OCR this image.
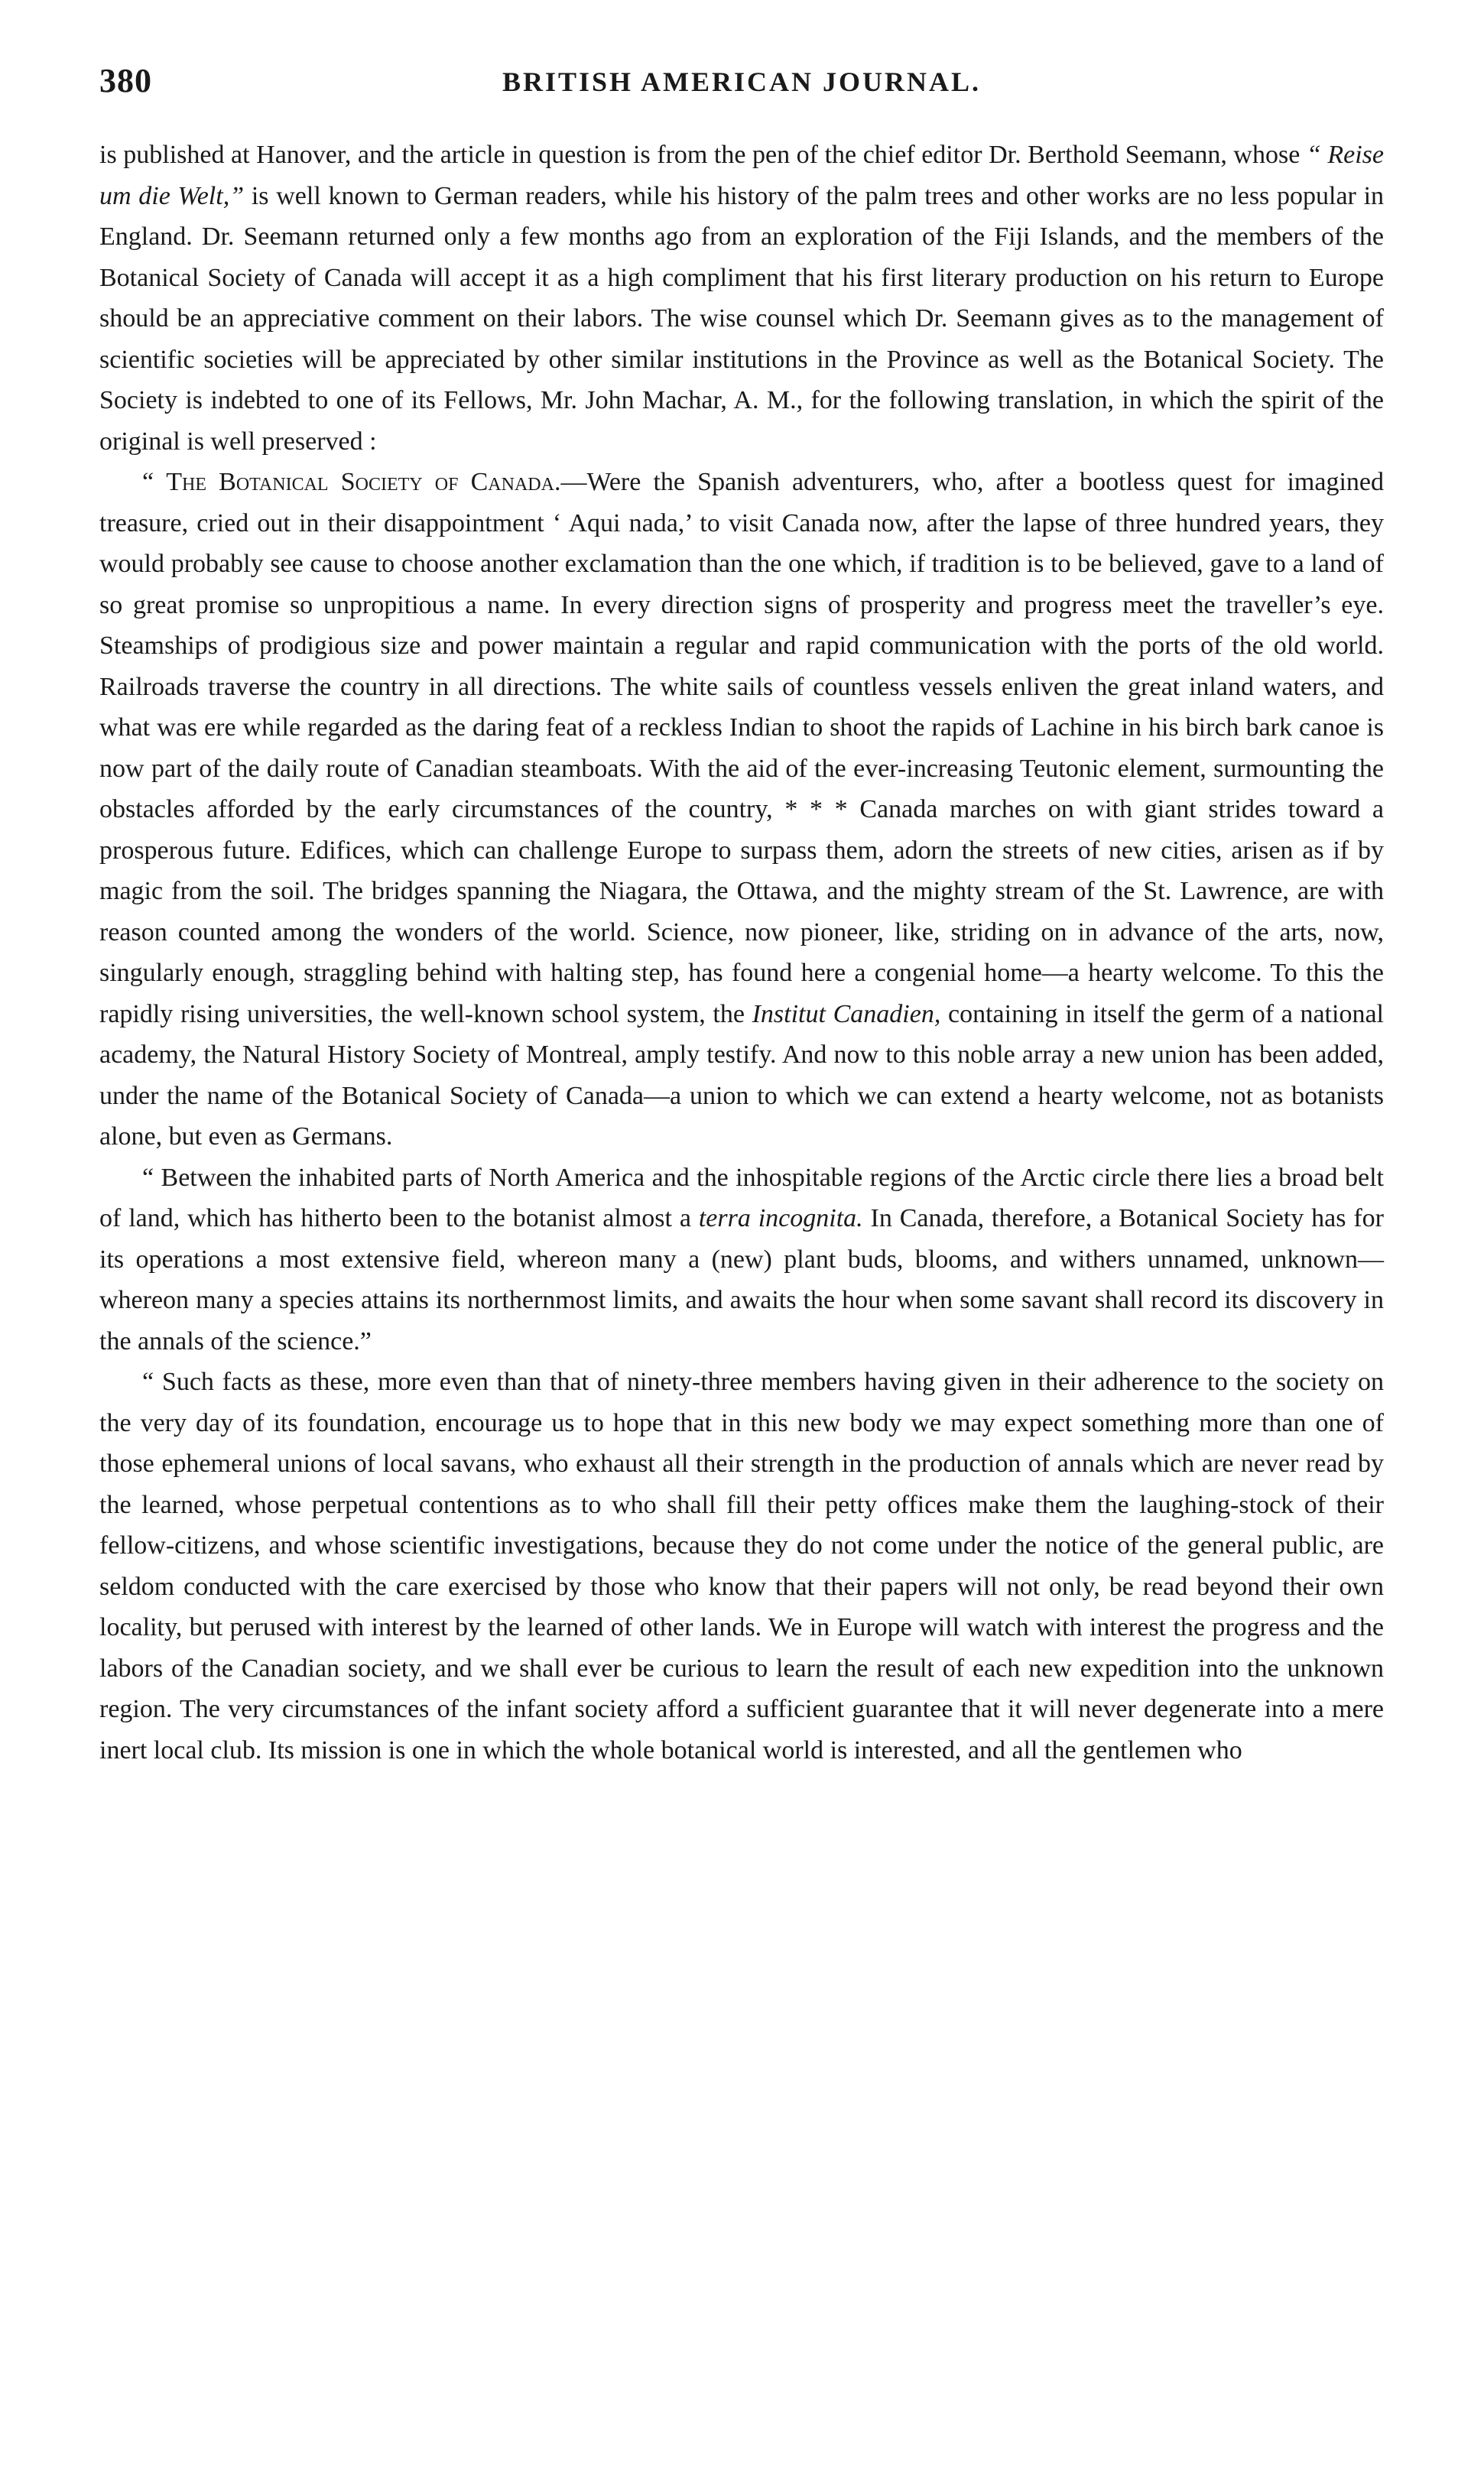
380	BRITISH AMERICAN JOURNAL.

is published at Hanover, and the article in question is from the pen of the chief editor Dr. Berthold Seemann, whose “ Reise um die Welt,” is well known to German readers, while his history of the palm trees and other works are no less popular in England. Dr. Seemann returned only a few months ago from an exploration of the Fiji Islands, and the members of the Botanical Society of Canada will accept it as a high compliment that his first literary production on his return to Europe should be an appreciative comment on their labors. The wise counsel which Dr. Seemann gives as to the management of scientific societies will be appreciated by other similar institutions in the Province as well as the Botanical Society. The Society is indebted to one of its Fellows, Mr. John Machar, A. M., for the following translation, in which the spirit of the original is well preserved :

“ The Botanical Society of Canada.—Were the Spanish adventurers, who, after a bootless quest for imagined treasure, cried out in their disappointment ‘ Aqui nada,’ to visit Canada now, after the lapse of three hundred years, they would probably see cause to choose another exclamation than the one which, if tradition is to be believed, gave to a land of so great promise so unpropitious a name. In every direction signs of prosperity and progress meet the traveller’s eye. Steamships of prodigious size and power maintain a regular and rapid communication with the ports of the old world. Railroads traverse the country in all directions. The white sails of countless vessels enliven the great inland waters, and what was ere while regarded as the daring feat of a reckless Indian to shoot the rapids of Lachine in his birch bark canoe is now part of the daily route of Canadian steamboats. With the aid of the ever-increasing Teutonic element, surmounting the obstacles afforded by the early circumstances of the country, * * * Canada marches on with giant strides toward a prosperous future. Edifices, which can challenge Europe to surpass them, adorn the streets of new cities, arisen as if by magic from the soil. The bridges spanning the Niagara, the Ottawa, and the mighty stream of the St. Lawrence, are with reason counted among the wonders of the world. Science, now pioneer, like, striding on in advance of the arts, now, singularly enough, straggling behind with halting step, has found here a congenial home—a hearty welcome. To this the rapidly rising universities, the well-known school system, the Institut Canadien, containing in itself the germ of a national academy, the Natural History Society of Montreal, amply testify. And now to this noble array a new union has been added, under the name of the Botanical Society of Canada—a union to which we can extend a hearty welcome, not as botanists alone, but even as Germans.

“ Between the inhabited parts of North America and the inhospitable regions of the Arctic circle there lies a broad belt of land, which has hitherto been to the botanist almost a terra incognita. In Canada, therefore, a Botanical Society has for its operations a most extensive field, whereon many a (new) plant buds, blooms, and withers unnamed, unknown—whereon many a species attains its northernmost limits, and awaits the hour when some savant shall record its discovery in the annals of the science.”

“ Such facts as these, more even than that of ninety-three members having given in their adherence to the society on the very day of its foundation, encourage us to hope that in this new body we may expect something more than one of those ephemeral unions of local savans, who exhaust all their strength in the production of annals which are never read by the learned, whose perpetual contentions as to who shall fill their petty offices make them the laughing-stock of their fellow-citizens, and whose scientific investigations, because they do not come under the notice of the general public, are seldom conducted with the care exercised by those who know that their papers will not only, be read beyond their own locality, but perused with interest by the learned of other lands. We in Europe will watch with interest the progress and the labors of the Canadian society, and we shall ever be curious to learn the result of each new expedition into the unknown region. The very circumstances of the infant society afford a sufficient guarantee that it will never degenerate into a mere inert local club. Its mission is one in which the whole botanical world is interested, and all the gentlemen who
